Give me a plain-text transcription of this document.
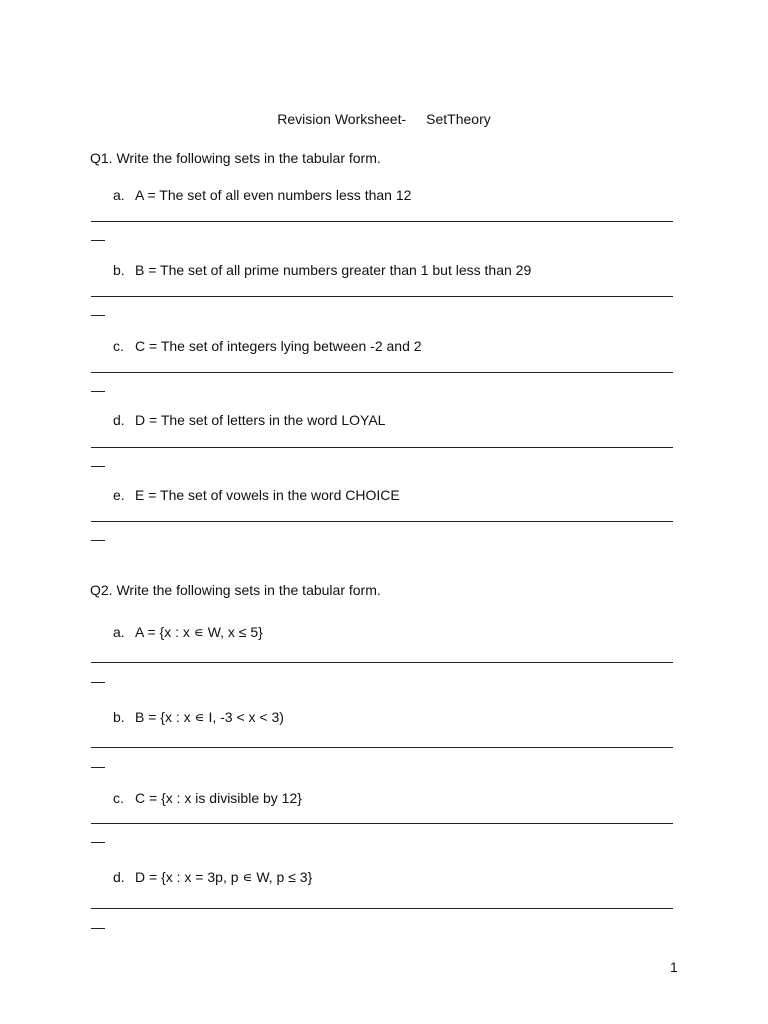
Revision Worksheet- SetTheory
Q1. Write the following sets in the tabular form.
a. A = The set of all even numbers less than 12
b. B = The set of all prime numbers greater than 1 but less than 29
c. C = The set of integers lying between -2 and 2
d. D = The set of letters in the word LOYAL
e. E = The set of vowels in the word CHOICE
Q2. Write the following sets in the tabular form.
a. A = {x : x ∊ W, x ≤ 5}
b. B = {x : x ∊ I, -3 < x < 3)
c. C = {x : x is divisible by 12}
d. D = {x : x = 3p, p ∊ W, p ≤ 3}
1
